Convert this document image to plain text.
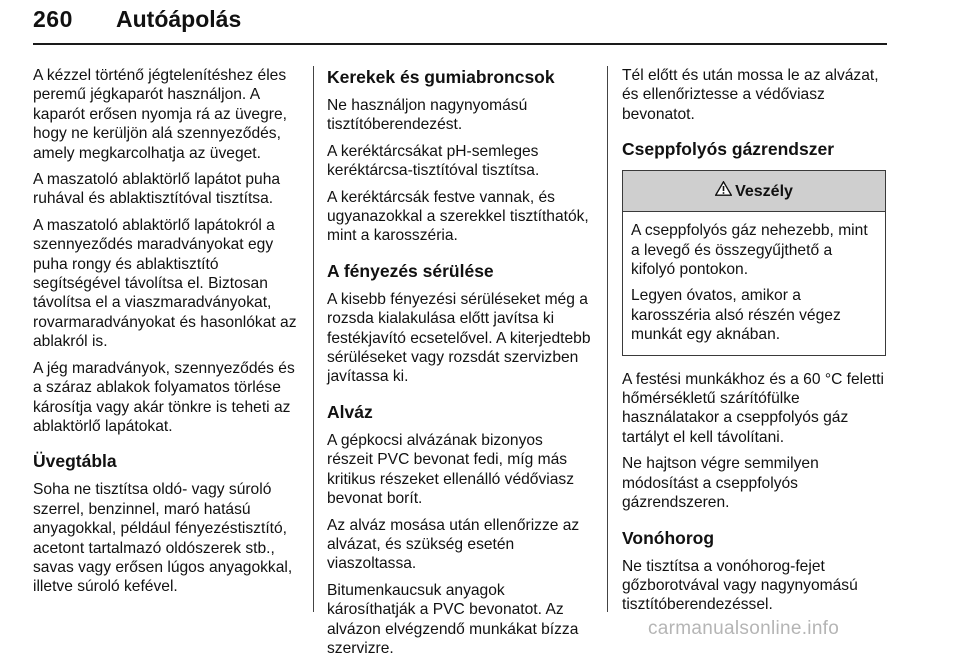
260 Autóápolás

A kézzel történő jégtelenítéshez éles peremű jégkaparót használjon. A kaparót erősen nyomja rá az üvegre, hogy ne kerüljön alá szennyeződés, amely megkarcolhatja az üveget.

A maszatoló ablaktörlő lapátot puha ruhával és ablaktisztítóval tisztítsa.

A maszatoló ablaktörlő lapátokról a szennyeződés maradványokat egy puha rongy és ablaktisztító segítségével távolítsa el. Biztosan távolítsa el a viaszmaradványokat, rovarmaradványokat és hasonlókat az ablakról is.

A jég maradványok, szennyeződés és a száraz ablakok folyamatos törlése károsítja vagy akár tönkre is teheti az ablaktörlő lapátokat.

Üvegtábla

Soha ne tisztítsa oldó- vagy súroló szerrel, benzinnel, maró hatású anyagokkal, például fényezéstisztító, acetont tartalmazó oldószerek stb., savas vagy erősen lúgos anyagokkal, illetve súroló kefével.

Kerekek és gumiabroncsok

Ne használjon nagynyomású tisztítóberendezést.

A keréktárcsákat pH-semleges keréktárcsa-tisztítóval tisztítsa.

A keréktárcsák festve vannak, és ugyanazokkal a szerekkel tisztíthatók, mint a karosszéria.

A fényezés sérülése

A kisebb fényezési sérüléseket még a rozsda kialakulása előtt javítsa ki festékjavító ecsetelővel. A kiterjedtebb sérüléseket vagy rozsdát szervizben javítassa ki.

Alváz

A gépkocsi alvázának bizonyos részeit PVC bevonat fedi, míg más kritikus részeket ellenálló védőviasz bevonat borít.

Az alváz mosása után ellenőrizze az alvázat, és szükség esetén viaszoltassa.

Bitumenkaucsuk anyagok károsíthatják a PVC bevonatot. Az alvázon elvégzendő munkákat bízza szervizre.

Tél előtt és után mossa le az alvázat, és ellenőriztesse a védőviasz bevonatot.

Cseppfolyós gázrendszer
Veszély

A cseppfolyós gáz nehezebb, mint a levegő és összegyűjthető a kifolyó pontokon.

Legyen óvatos, amikor a karosszéria alsó részén végez munkát egy aknában.

A festési munkákhoz és a 60 °C feletti hőmérsékletű szárítófülke használatakor a cseppfolyós gáz tartályt el kell távolítani.

Ne hajtson végre semmilyen módosítást a cseppfolyós gázrendszeren.

Vonóhorog

Ne tisztítsa a vonóhorog-fejet gőzborotvával vagy nagynyomású tisztítóberendezéssel.

carmanualsonline.info
